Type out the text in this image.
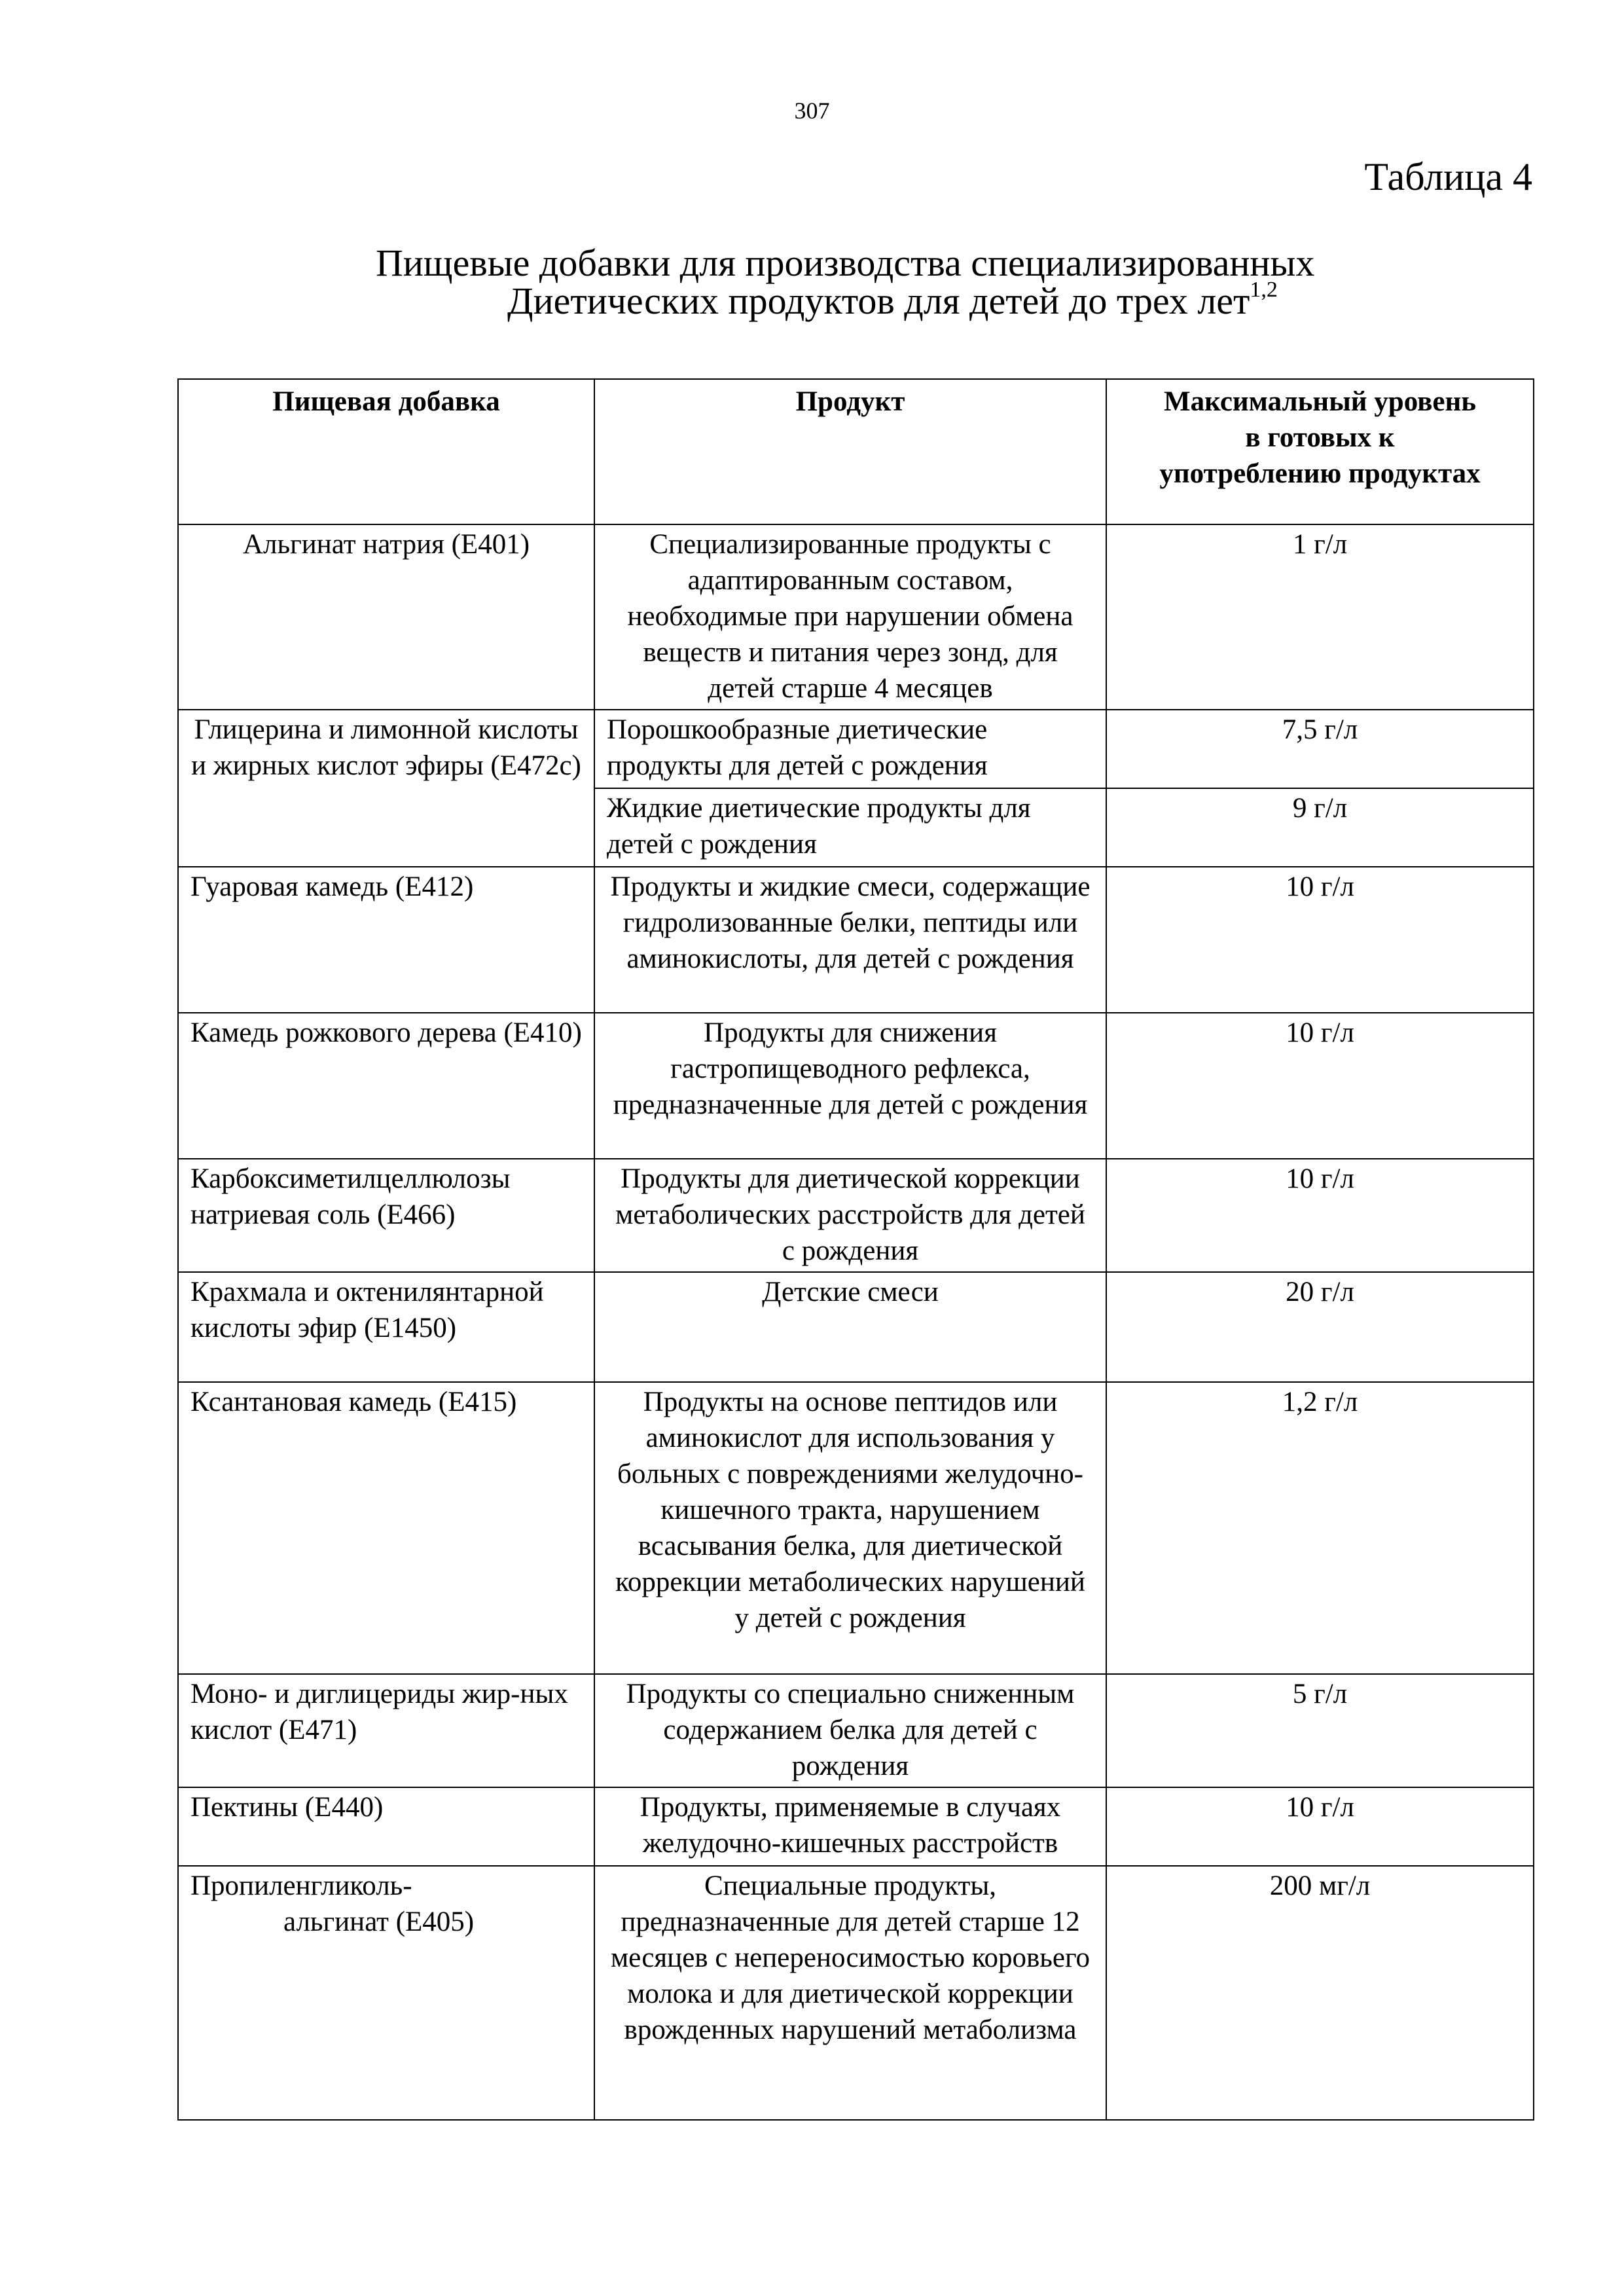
307
Таблица 4
Пищевые добавки для производства специализированных
Диетических продуктов для детей до трех лет$^{1,2}$
Пищевая добавка	Продукт	Максимальный уровень в готовых к употреблению продуктах
Альгинат натрия (Е401)	Специализированные продукты с адаптированным составом, необходимые при нарушении обмена веществ и питания через зонд, для детей старше 4 месяцев	1 г/л
Глицерина и лимонной кислоты и жирных кислот эфиры (Е472с)	Порошкообразные диетические продукты для детей с рождения	7,5 г/л
	Жидкие диетические продукты для детей с рождения	9 г/л
Гуаровая камедь (Е412)	Продукты и жидкие смеси, содержащие гидролизованные белки, пептиды или аминокислоты, для детей с рождения	10 г/л
Камедь рожкового дерева (Е410)	Продукты для снижения гастропищеводного рефлекса, предназначенные для детей с рождения	10 г/л
Карбоксиметилцеллюлозы натриевая соль (Е466)	Продукты для диетической коррекции метаболических расстройств для детей с рождения	10 г/л
Крахмала и октенилянтарной кислоты эфир (Е1450)	Детские смеси	20 г/л
Ксантановая камедь (Е415)	Продукты на основе пептидов или аминокислот для использования у больных с повреждениями желудочно-кишечного тракта, нарушением всасывания белка, для диетической коррекции метаболических нарушений у детей с рождения	1,2 г/л
Моно- и диглицериды жир-ных кислот (Е471)	Продукты со специально сниженным содержанием белка для детей с рождения	5 г/л
Пектины (Е440)	Продукты, применяемые в случаях желудочно-кишечных расстройств	10 г/л
Пропиленгликоль-
альгинат (Е405)	Специальные продукты, предназначенные для детей старше 12 месяцев с непереносимостью коровьего молока и для диетической коррекции врожденных нарушений метаболизма	200 мг/л
